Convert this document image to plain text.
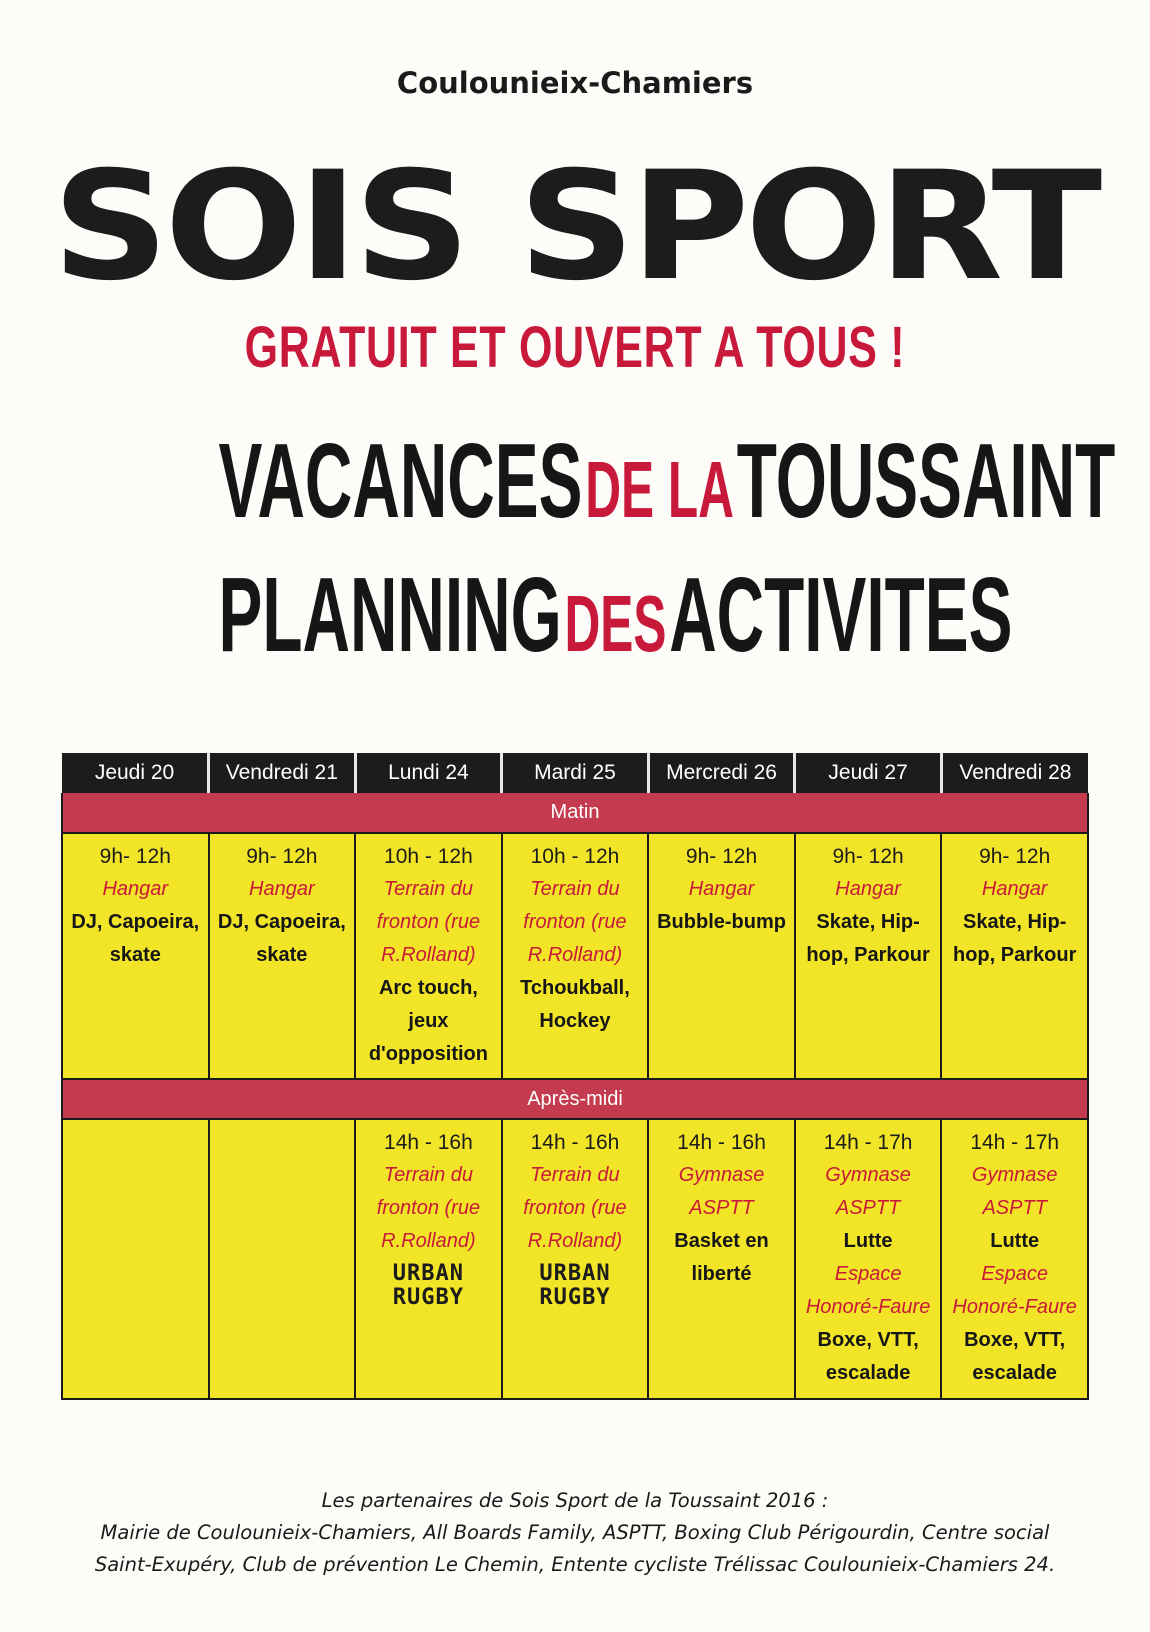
Coulounieix-Chamiers
SOIS SPORT
GRATUIT ET OUVERT A TOUS !
VACANCES DE LA TOUSSAINT
PLANNING DES ACTIVITES
Jeudi 20	Vendredi 21	Lundi 24	Mardi 25	Mercredi 26	Jeudi 27	Vendredi 28
Matin						

9h- 12h
Hangar
DJ, Capoeira, skate	9h- 12h
Hangar
DJ, Capoeira, skate	10h - 12h
Terrain du fronton (rue R.Rolland)
Arc touch, jeux d'opposition	10h - 12h
Terrain du fronton (rue R.Rolland)
Tchoukball, Hockey	9h- 12h
Hangar
Bubble-bump	9h- 12h
Hangar
Skate, Hip-hop, Parkour	9h- 12h
Hangar
Skate, Hip-hop, Parkour

Après-midi						

		14h - 16h
Terrain du fronton (rue R.Rolland)
URBAN RUGBY	14h - 16h
Terrain du fronton (rue R.Rolland)
URBAN RUGBY	14h - 16h
Gymnase ASPTT
Basket en liberté	14h - 17h
Gymnase ASPTT
Lutte
Espace Honoré-Faure
Boxe, VTT, escalade	14h - 17h
Gymnase ASPTT
Lutte
Espace Honoré-Faure
Boxe, VTT, escalade
Les partenaires de Sois Sport de la Toussaint 2016 :
Mairie de Coulounieix-Chamiers, All Boards Family, ASPTT, Boxing Club Périgourdin, Centre social
Saint-Exupéry, Club de prévention Le Chemin, Entente cycliste Trélissac Coulounieix-Chamiers 24.
